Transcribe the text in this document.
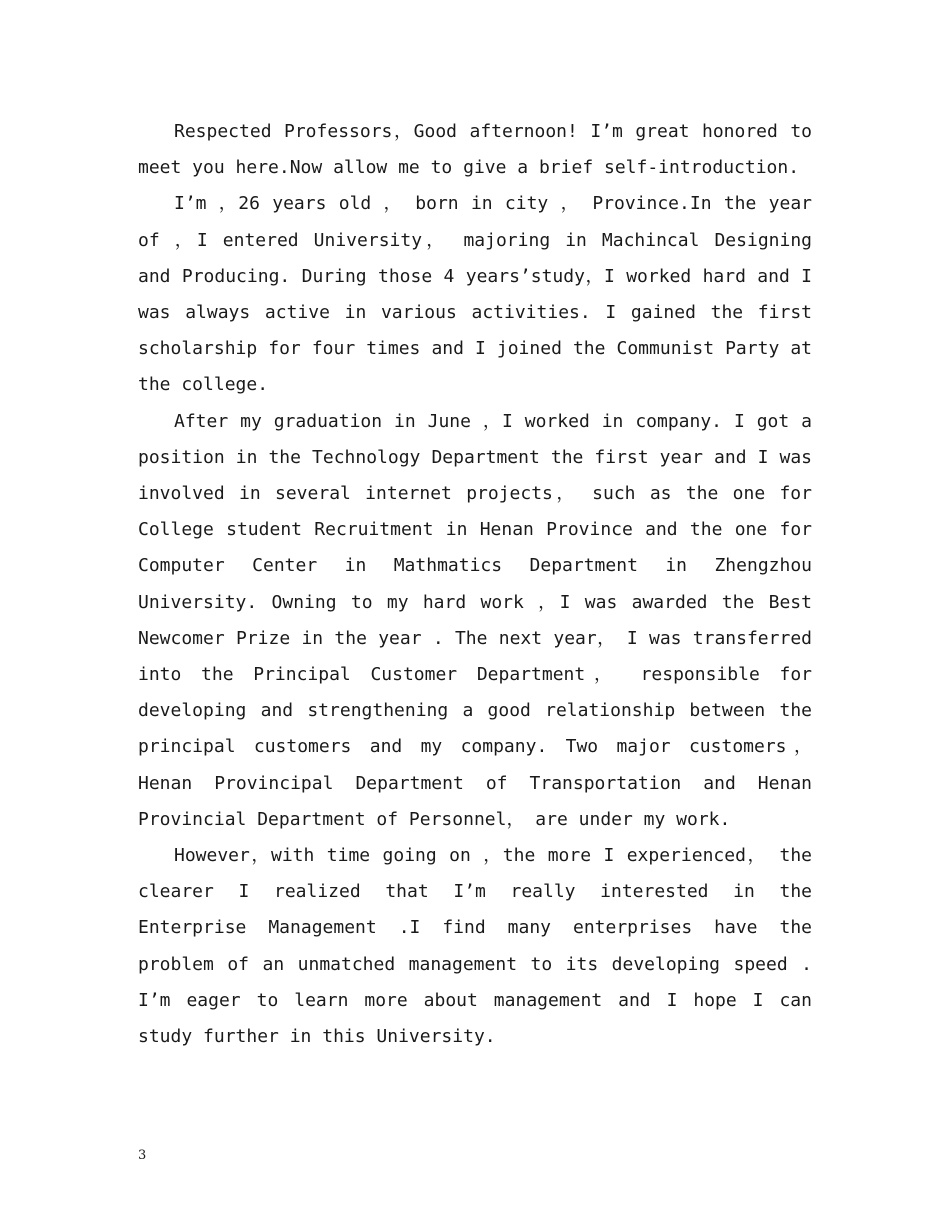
Respected Professors，Good afternoon! I’m great honored to meet you here.Now allow me to give a brief self-introduction.

I’m ，26 years old ， born in city ， Province.In the year of ，I entered University， majoring in Machincal Designing and Producing. During those 4 years’study，I worked hard and I was always active in various activities. I gained the first scholarship for four times and I joined the Communist Party at the college.

After my graduation in June ，I worked in company. I got a position in the Technology Department the first year and I was involved in several internet projects， such as the one for College student Recruitment in Henan Province and the one for Computer Center in Mathmatics Department in Zhengzhou University. Owning to my hard work ，I was awarded the Best Newcomer Prize in the year . The next year， I was transferred into the Principal Customer Department， responsible for developing and strengthening a good relationship between the principal customers and my company. Two major customers， Henan Provincipal Department of Transportation and Henan Provincial Department of Personnel， are under my work.

However，with time going on ，the more I experienced， the clearer I realized that I’m really interested in the Enterprise Management .I find many enterprises have the problem of an unmatched management to its developing speed . I’m eager to learn more about management and I hope I can study further in this University.

3
